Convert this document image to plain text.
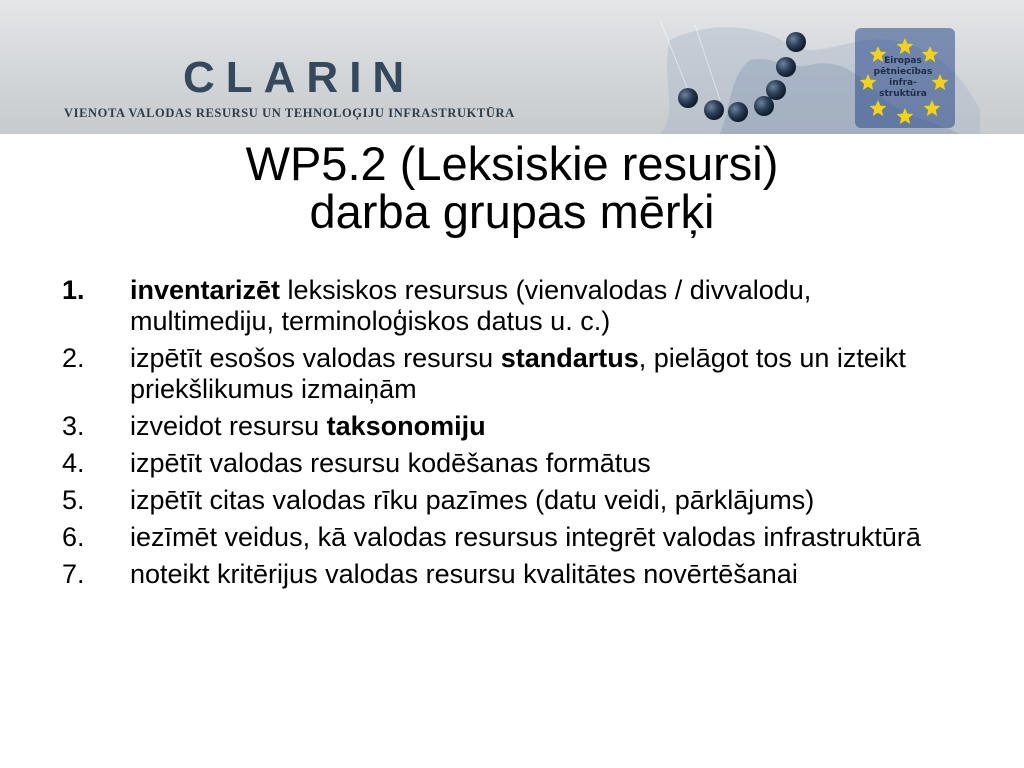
CLARIN
VIENOTA VALODAS RESURSU UN TEHNOLOĢIJU INFRASTRUKTŪRA
Eiropas
pētniecības
infra-
struktūra
WP5.2 (Leksiskie resursi)
darba grupas mērķi
1. inventarizēt leksiskos resursus (vienvalodas / divvalodu, multimediju, terminoloģiskos datus u. c.)
2. izpētīt esošos valodas resursu standartus, pielāgot tos un izteikt priekšlikumus izmaiņām
3. izveidot resursu taksonomiju
4. izpētīt valodas resursu kodēšanas formātus
5. izpētīt citas valodas rīku pazīmes (datu veidi, pārklājums)
6. iezīmēt veidus, kā valodas resursus integrēt valodas infrastruktūrā
7. noteikt kritērijus valodas resursu kvalitātes novērtēšanai
